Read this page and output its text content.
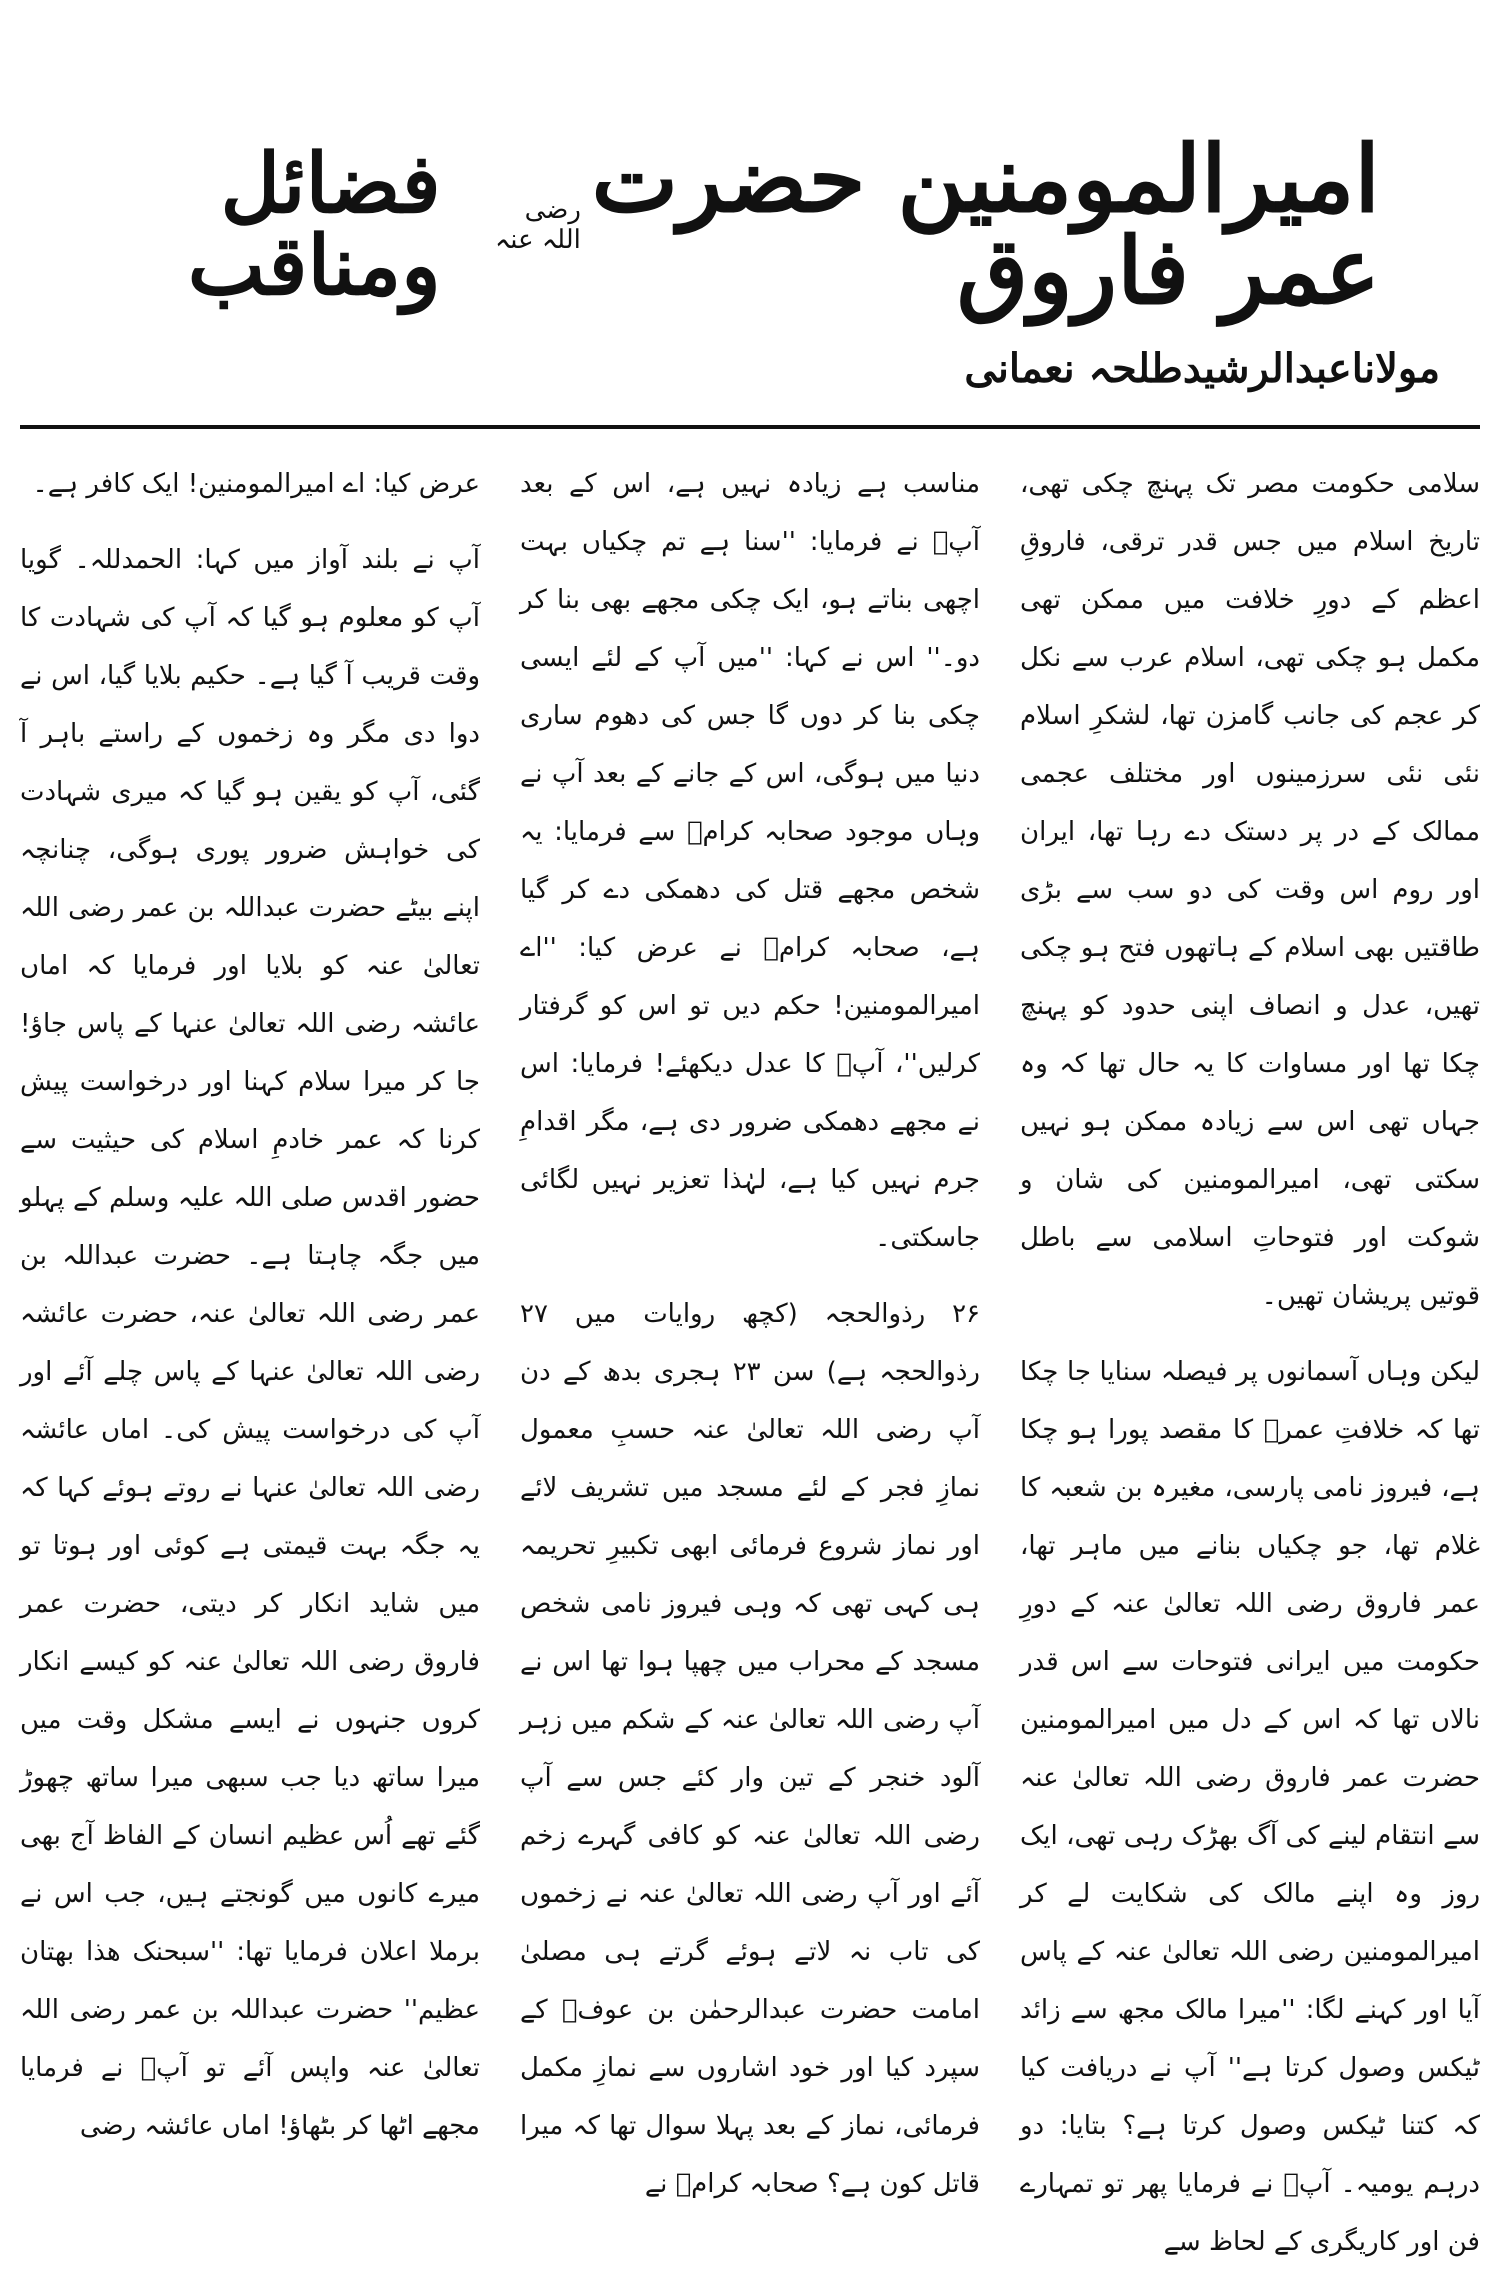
امیرالمومنین حضرت عمر فاروق
رضی اللہ عنہ
فضائل ومناقب
مولاناعبدالرشیدطلحہ نعمانی

سلامی حکومت مصر تک پہنچ چکی تھی، تاریخ اسلام میں جس قدر ترقی، فاروقِ اعظم کے دورِ خلافت میں ممکن تھی مکمل ہو چکی تھی، اسلام عرب سے نکل کر عجم کی جانب گامزن تھا، لشکرِ اسلام نئی نئی سرزمینوں اور مختلف عجمی ممالک کے در پر دستک دے رہا تھا، ایران اور روم اس وقت کی دو سب سے بڑی طاقتیں بھی اسلام کے ہاتھوں فتح ہو چکی تھیں، عدل و انصاف اپنی حدود کو پہنچ چکا تھا اور مساوات کا یہ حال تھا کہ وہ جہاں تھی اس سے زیادہ ممکن ہو نہیں سکتی تھی، امیرالمومنین کی شان و شوکت اور فتوحاتِ اسلامی سے باطل قوتیں پریشان تھیں۔

لیکن وہاں آسمانوں پر فیصلہ سنایا جا چکا تھا کہ خلافتِ عمرؓ کا مقصد پورا ہو چکا ہے، فیروز نامی پارسی، مغیرہ بن شعبہ کا غلام تھا، جو چکیاں بنانے میں ماہر تھا، عمر فاروق رضی اللہ تعالیٰ عنہ کے دورِ حکومت میں ایرانی فتوحات سے اس قدر نالاں تھا کہ اس کے دل میں امیرالمومنین حضرت عمر فاروق رضی اللہ تعالیٰ عنہ سے انتقام لینے کی آگ بھڑک رہی تھی، ایک روز وہ اپنے مالک کی شکایت لے کر امیرالمومنین رضی اللہ تعالیٰ عنہ کے پاس آیا اور کہنے لگا: ''میرا مالک مجھ سے زائد ٹیکس وصول کرتا ہے'' آپ نے دریافت کیا کہ کتنا ٹیکس وصول کرتا ہے؟ بتایا: دو درہم یومیہ۔ آپؓ نے فرمایا پھر تو تمہارے فن اور کاریگری کے لحاظ سے

مناسب ہے زیادہ نہیں ہے، اس کے بعد آپؓ نے فرمایا: ''سنا ہے تم چکیاں بہت اچھی بناتے ہو، ایک چکی مجھے بھی بنا کر دو۔'' اس نے کہا: ''میں آپ کے لئے ایسی چکی بنا کر دوں گا جس کی دھوم ساری دنیا میں ہوگی، اس کے جانے کے بعد آپ نے وہاں موجود صحابہ کرامؓ سے فرمایا: یہ شخص مجھے قتل کی دھمکی دے کر گیا ہے، صحابہ کرامؓ نے عرض کیا: ''اے امیرالمومنین! حکم دیں تو اس کو گرفتار کرلیں''، آپؓ کا عدل دیکھئے! فرمایا: اس نے مجھے دھمکی ضرور دی ہے، مگر اقدامِ جرم نہیں کیا ہے، لہٰذا تعزیر نہیں لگائی جاسکتی۔

۲۶ رذوالحجہ (کچھ روایات میں ۲۷ رذوالحجہ ہے) سن ۲۳ ہجری بدھ کے دن آپ رضی اللہ تعالیٰ عنہ حسبِ معمول نمازِ فجر کے لئے مسجد میں تشریف لائے اور نماز شروع فرمائی ابھی تکبیرِ تحریمہ ہی کہی تھی کہ وہی فیروز نامی شخص مسجد کے محراب میں چھپا ہوا تھا اس نے آپ رضی اللہ تعالیٰ عنہ کے شکم میں زہر آلود خنجر کے تین وار کئے جس سے آپ رضی اللہ تعالیٰ عنہ کو کافی گہرے زخم آئے اور آپ رضی اللہ تعالیٰ عنہ نے زخموں کی تاب نہ لاتے ہوئے گرتے ہی مصلیٰ امامت حضرت عبدالرحمٰن بن عوفؓ کے سپرد کیا اور خود اشاروں سے نمازِ مکمل فرمائی، نماز کے بعد پہلا سوال تھا کہ میرا قاتل کون ہے؟ صحابہ کرامؓ نے

عرض کیا: اے امیرالمومنین! ایک کافر ہے۔

آپ نے بلند آواز میں کہا: الحمدللہ۔ گویا آپ کو معلوم ہو گیا کہ آپ کی شہادت کا وقت قریب آ گیا ہے۔ حکیم بلایا گیا، اس نے دوا دی مگر وہ زخموں کے راستے باہر آ گئی، آپ کو یقین ہو گیا کہ میری شہادت کی خواہش ضرور پوری ہوگی، چنانچہ اپنے بیٹے حضرت عبداللہ بن عمر رضی اللہ تعالیٰ عنہ کو بلایا اور فرمایا کہ اماں عائشہ رضی اللہ تعالیٰ عنہا کے پاس جاؤ! جا کر میرا سلام کہنا اور درخواست پیش کرنا کہ عمر خادمِ اسلام کی حیثیت سے حضور اقدس صلی اللہ علیہ وسلم کے پہلو میں جگہ چاہتا ہے۔ حضرت عبداللہ بن عمر رضی اللہ تعالیٰ عنہ، حضرت عائشہ رضی اللہ تعالیٰ عنہا کے پاس چلے آئے اور آپ کی درخواست پیش کی۔ اماں عائشہ رضی اللہ تعالیٰ عنہا نے روتے ہوئے کہا کہ یہ جگہ بہت قیمتی ہے کوئی اور ہوتا تو میں شاید انکار کر دیتی، حضرت عمر فاروق رضی اللہ تعالیٰ عنہ کو کیسے انکار کروں جنہوں نے ایسے مشکل وقت میں میرا ساتھ دیا جب سبھی میرا ساتھ چھوڑ گئے تھے اُس عظیم انسان کے الفاظ آج بھی میرے کانوں میں گونجتے ہیں، جب اس نے برملا اعلان فرمایا تھا: ''سبحنک هذا بهتان عظیم'' حضرت عبداللہ بن عمر رضی اللہ تعالیٰ عنہ واپس آئے تو آپؓ نے فرمایا مجھے اٹھا کر بٹھاؤ! اماں عائشہ رضی
